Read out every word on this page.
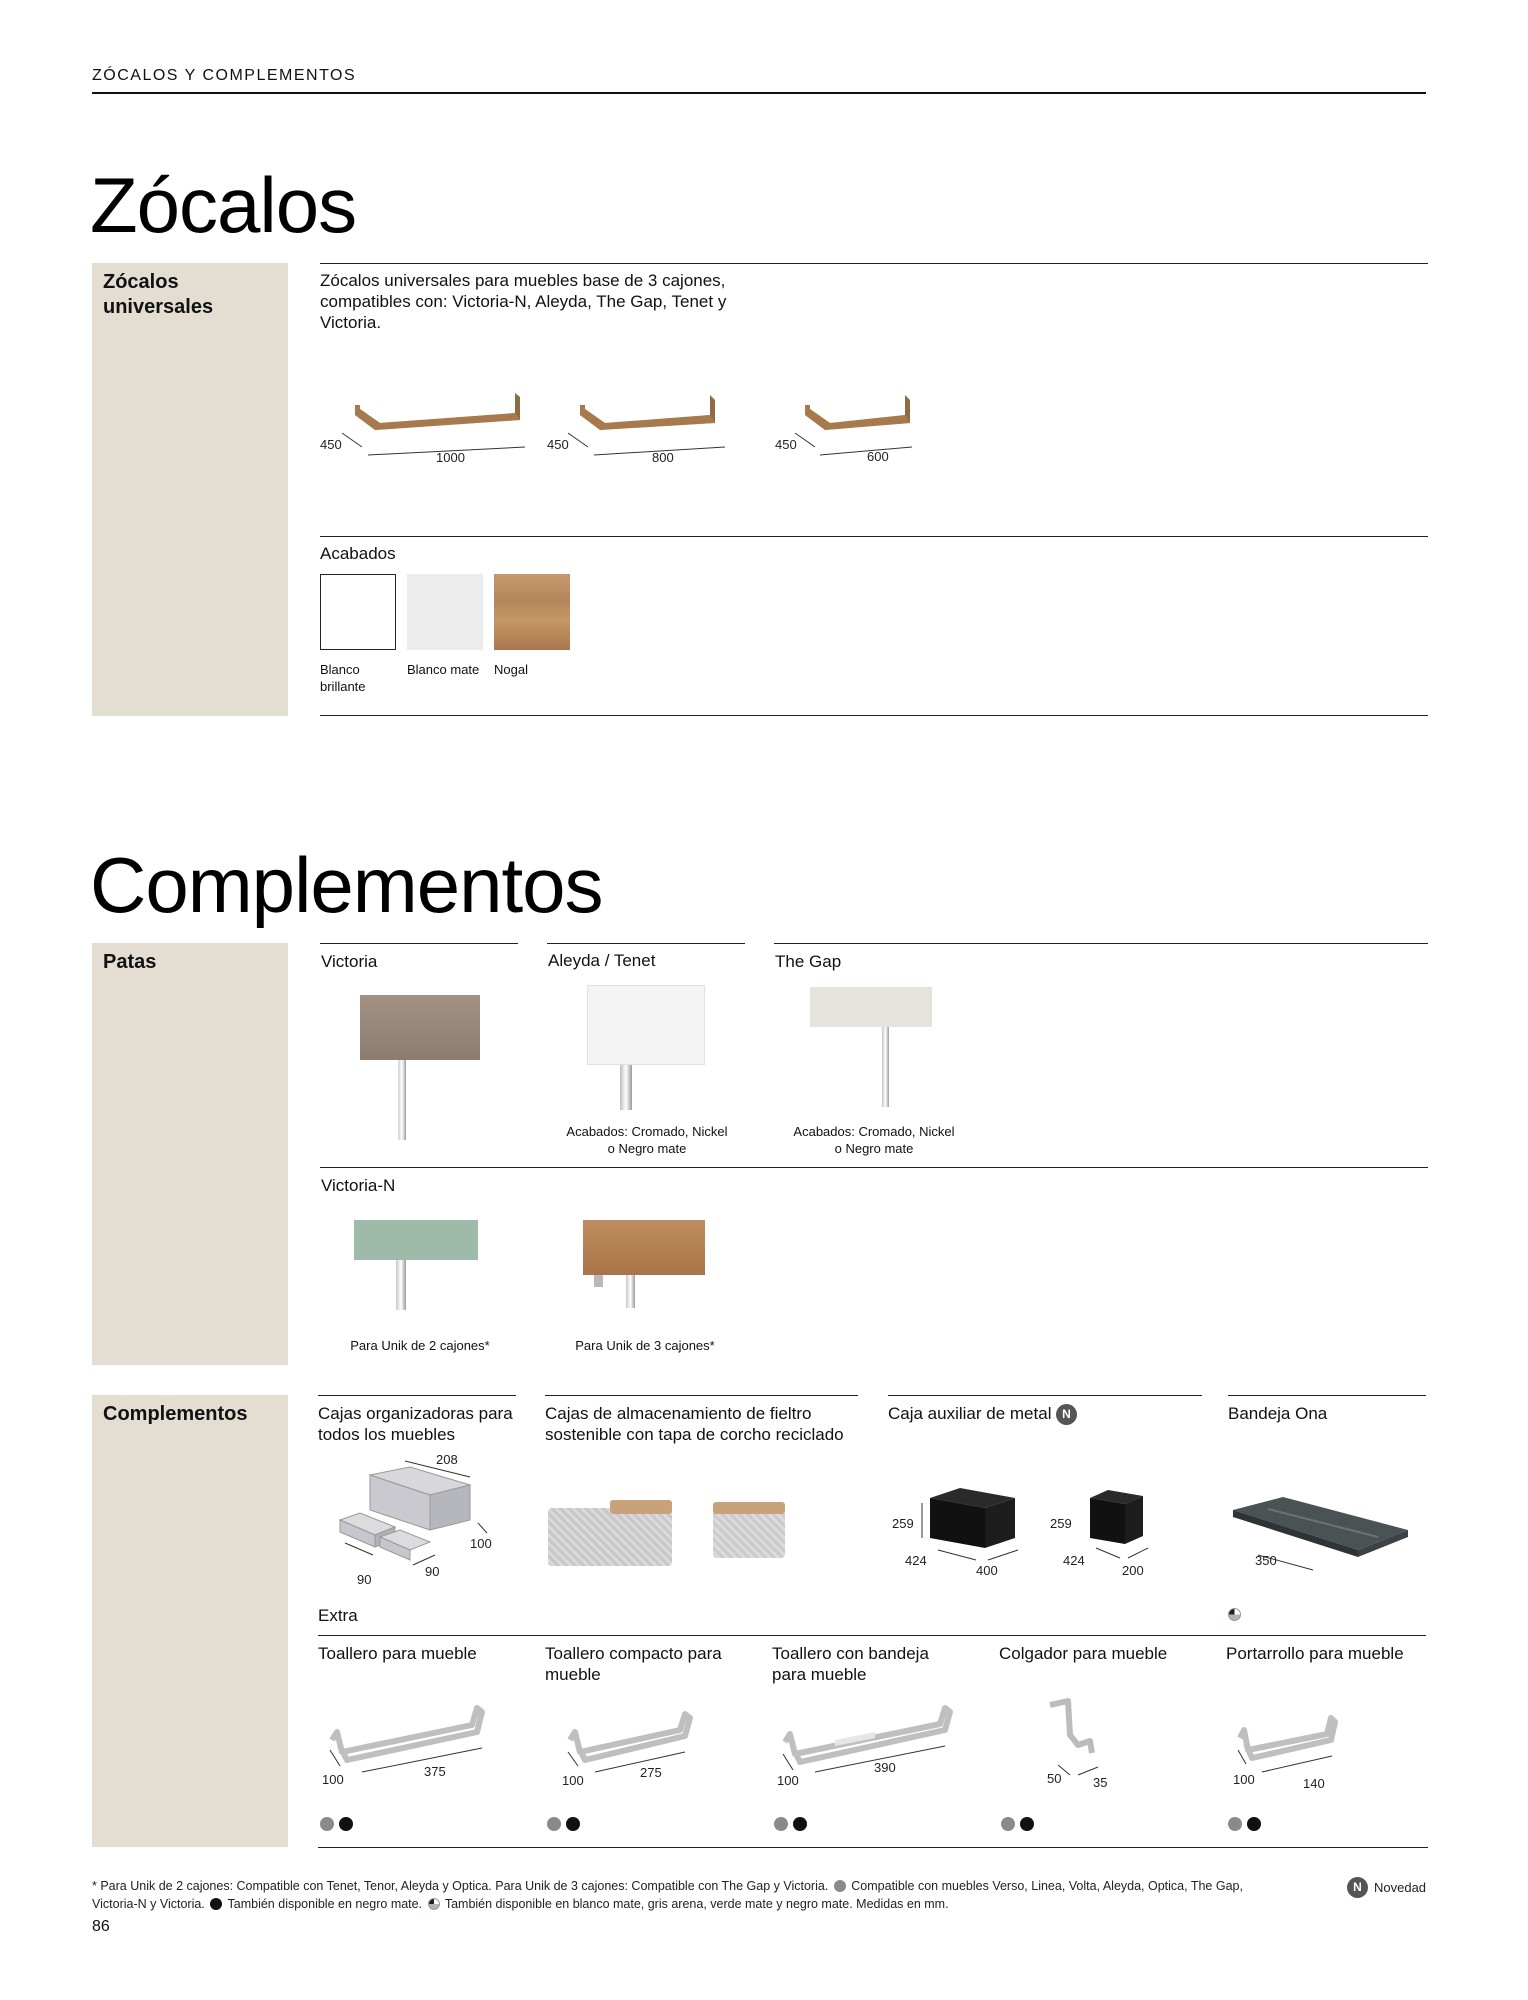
ZÓCALOS Y COMPLEMENTOS
Zócalos
Zócalos
universales
Zócalos universales para muebles base de 3 cajones, compatibles con: Victoria-N, Aleyda, The Gap, Tenet y Victoria.
450
1000
450
800
450
600
Acabados
Blanco
brillante
Blanco mate Nogal
Complementos
Patas	Victoria	Aleyda / Tenet	The Gap
Acabados: Cromado, Nickel
o Negro mate
Acabados: Cromado, Nickel
o Negro mate
Victoria-N
Para Unik de 2 cajones*	Para Unik de 3 cajones*
Complementos	Cajas organizadoras para
todos los muebles
Cajas de almacenamiento de fieltro
sostenible con tapa de corcho reciclado
Caja auxiliar de metal N	Bandeja Ona
208
100
90
90
259
424
400
259
424
200
350
Extra
Toallero para mueble	Toallero compacto para
mueble
Toallero con bandeja
para mueble
Colgador para mueble	Portarrollo para mueble
100
375
100
275
100
390
50 35	100	140
* Para Unik de 2 cajones: Compatible con Tenet, Tenor, Aleyda y Optica. Para Unik de 3 cajones: Compatible con The Gap y Victoria. Compatible con muebles Verso, Linea, Volta, Aleyda, Optica, The Gap, Victoria-N y Victoria. También disponible en negro mate. También disponible en blanco mate, gris arena, verde mate y negro mate. Medidas en mm.
N Novedad
86
